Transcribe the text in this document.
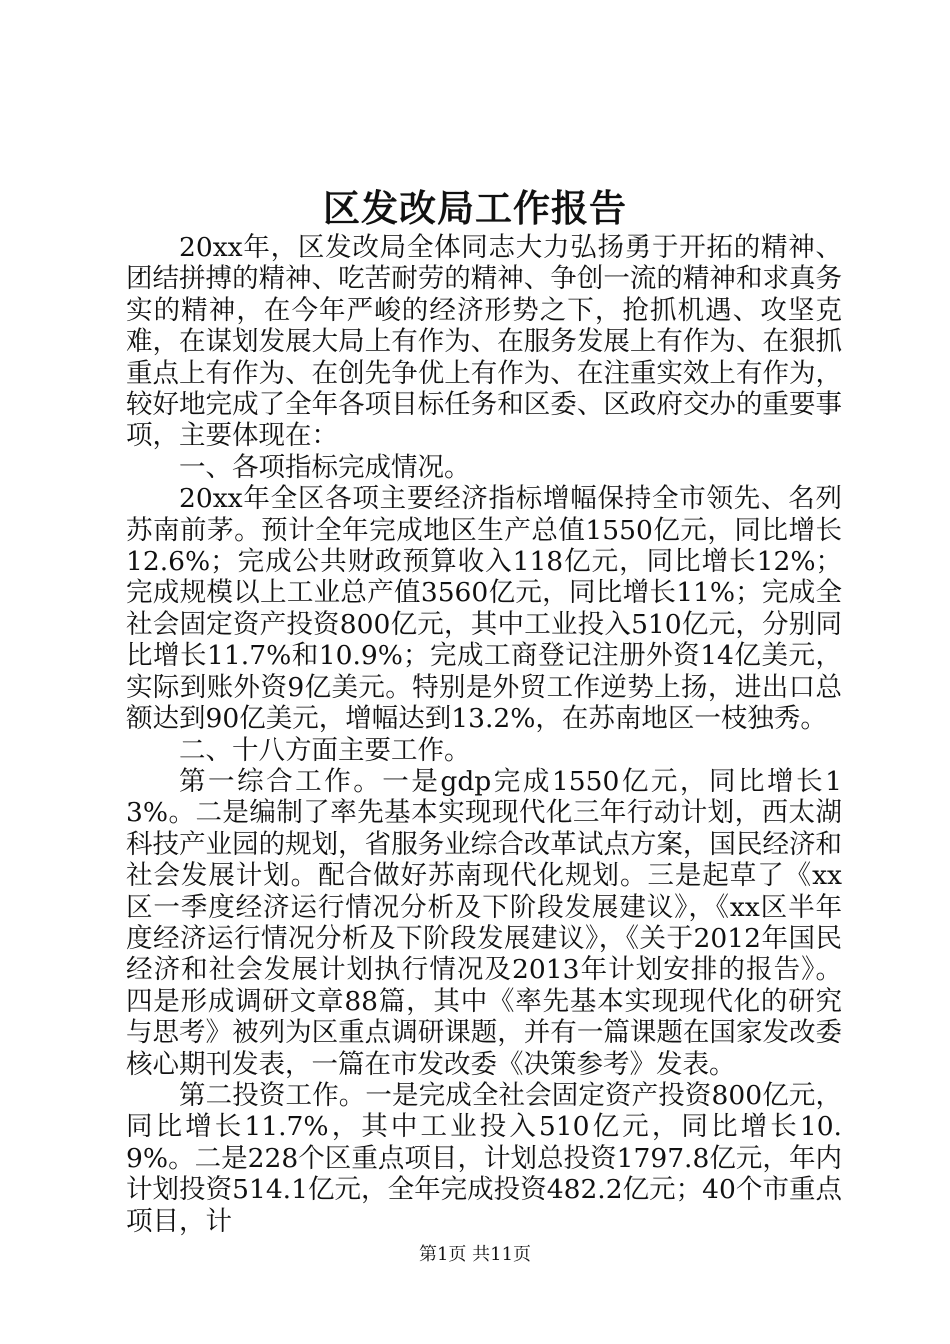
区发改局工作报告

20xx年，区发改局全体同志大力弘扬勇于开拓的精神、团结拼搏的精神、吃苦耐劳的精神、争创一流的精神和求真务实的精神，在今年严峻的经济形势之下，抢抓机遇、攻坚克难，在谋划发展大局上有作为、在服务发展上有作为、在狠抓重点上有作为、在创先争优上有作为、在注重实效上有作为，较好地完成了全年各项目标任务和区委、区政府交办的重要事项，主要体现在：

一、各项指标完成情况。

20xx年全区各项主要经济指标增幅保持全市领先、名列苏南前茅。预计全年完成地区生产总值1550亿元，同比增长12.6%；完成公共财政预算收入118亿元，同比增长12%；完成规模以上工业总产值3560亿元，同比增长11%；完成全社会固定资产投资800亿元，其中工业投入510亿元，分别同比增长11.7%和10.9%；完成工商登记注册外资14亿美元，实际到账外资9亿美元。特别是外贸工作逆势上扬，进出口总额达到90亿美元，增幅达到13.2%，在苏南地区一枝独秀。

二、十八方面主要工作。

第一综合工作。一是gdp完成1550亿元，同比增长13%。二是编制了率先基本实现现代化三年行动计划，西太湖科技产业园的规划，省服务业综合改革试点方案，国民经济和社会发展计划。配合做好苏南现代化规划。三是起草了《xx区一季度经济运行情况分析及下阶段发展建议》，《xx区半年度经济运行情况分析及下阶段发展建议》，《关于2012年国民经济和社会发展计划执行情况及2013年计划安排的报告》。四是形成调研文章88篇，其中《率先基本实现现代化的研究与思考》被列为区重点调研课题，并有一篇课题在国家发改委核心期刊发表，一篇在市发改委《决策参考》发表。

第二投资工作。一是完成全社会固定资产投资800亿元，同比增长11.7%，其中工业投入510亿元，同比增长10.9%。二是228个区重点项目，计划总投资1797.8亿元，年内计划投资514.1亿元，全年完成投资482.2亿元；40个市重点项目，计

第1页 共11页
